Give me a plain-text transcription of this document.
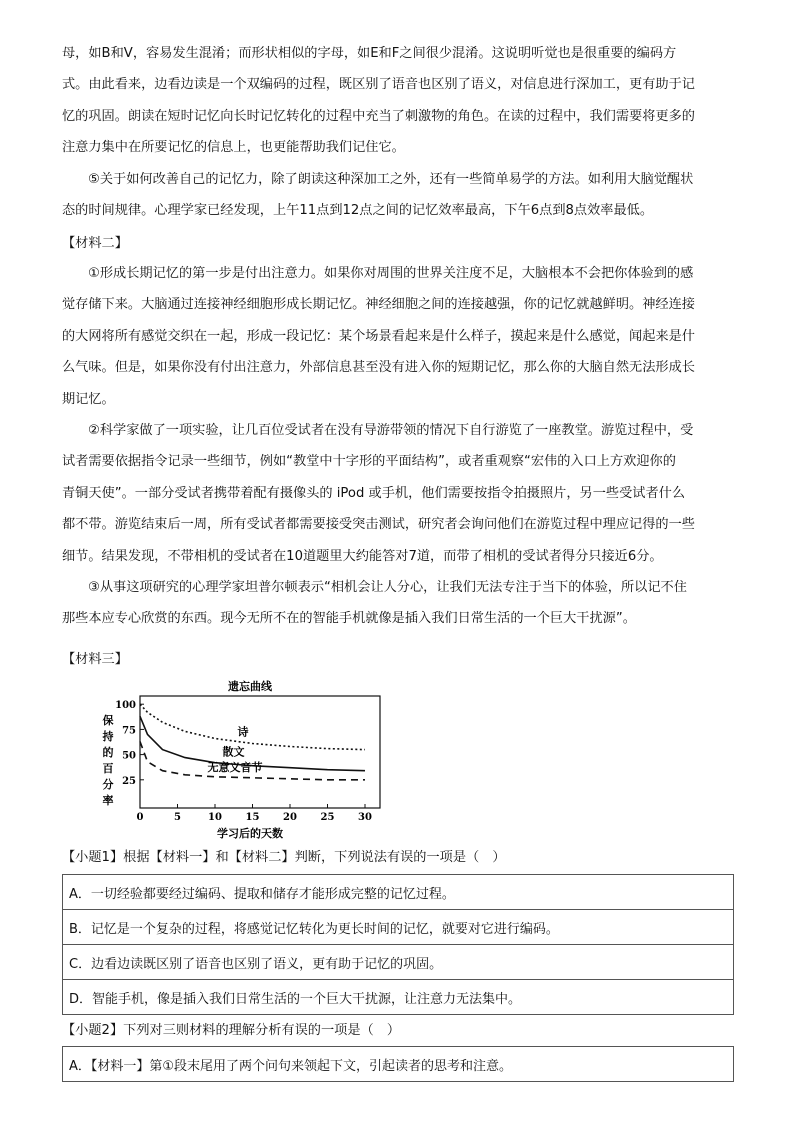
母，如B和V，容易发生混淆；而形状相似的字母，如E和F之间很少混淆。这说明听觉也是很重要的编码方
式。由此看来，边看边读是一个双编码的过程，既区别了语音也区别了语义，对信息进行深加工，更有助于记
忆的巩固。朗读在短时记忆向长时记忆转化的过程中充当了刺激物的角色。在读的过程中，我们需要将更多的
注意力集中在所要记忆的信息上，也更能帮助我们记住它。
⑤关于如何改善自己的记忆力，除了朗读这种深加工之外，还有一些简单易学的方法。如利用大脑觉醒状
态的时间规律。心理学家已经发现，上午11点到12点之间的记忆效率最高，下午6点到8点效率最低。
【材料二】
①形成长期记忆的第一步是付出注意力。如果你对周围的世界关注度不足，大脑根本不会把你体验到的感
觉存储下来。大脑通过连接神经细胞形成长期记忆。神经细胞之间的连接越强，你的记忆就越鲜明。神经连接
的大网将所有感觉交织在一起，形成一段记忆：某个场景看起来是什么样子，摸起来是什么感觉，闻起来是什
么气味。但是，如果你没有付出注意力，外部信息甚至没有进入你的短期记忆，那么你的大脑自然无法形成长
期记忆。
②科学家做了一项实验，让几百位受试者在没有导游带领的情况下自行游览了一座教堂。游览过程中，受
试者需要依据指令记录一些细节，例如“教堂中十字形的平面结构”，或者重观察“宏伟的入口上方欢迎你的
青铜天使”。一部分受试者携带着配有摄像头的 iPod 或手机，他们需要按指令拍摄照片，另一些受试者什么
都不带。游览结束后一周，所有受试者都需要接受突击测试，研究者会询问他们在游览过程中理应记得的一些
细节。结果发现，不带相机的受试者在10道题里大约能答对7道，而带了相机的受试者得分只接近6分。
③从事这项研究的心理学家坦普尔顿表示“相机会让人分心，让我们无法专注于当下的体验，所以记不住
那些本应专心欣赏的东西。现今无所不在的智能手机就像是插入我们日常生活的一个巨大干扰源”。
【材料三】
遗忘曲线
25
50
75
100
0	5	10 15 20 25 30
保
持
的
百
分
率
学习后的天数
诗
散文
无意义音节
【小题1】根据【材料一】和【材料二】判断，下列说法有误的一项是（　）
A．一切经验都要经过编码、提取和储存才能形成完整的记忆过程。
B．记忆是一个复杂的过程，将感觉记忆转化为更长时间的记忆，就要对它进行编码。
C．边看边读既区别了语音也区别了语义，更有助于记忆的巩固。
D．智能手机，像是插入我们日常生活的一个巨大干扰源，让注意力无法集中。
【小题2】下列对三则材料的理解分析有误的一项是（　）
A．【材料一】第①段末尾用了两个问句来领起下文，引起读者的思考和注意。
